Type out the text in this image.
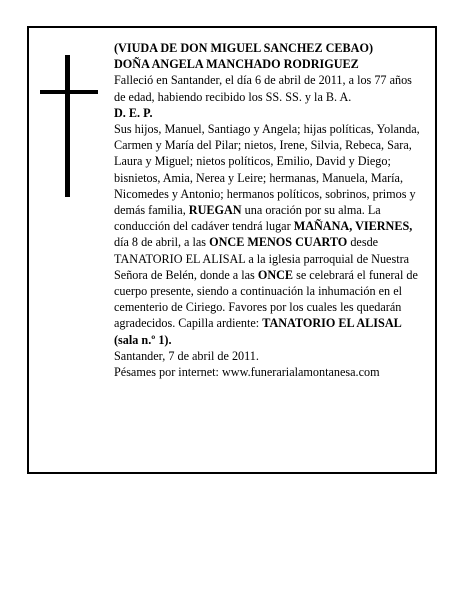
(VIUDA DE DON MIGUEL SANCHEZ CEBAO)

DOÑA ANGELA MANCHADO RODRIGUEZ

Falleció en Santander, el día 6 de abril de 2011, a los 77 años de edad, habiendo recibido los SS. SS. y la B. A.

D. E. P.

Sus hijos, Manuel, Santiago y Angela; hijas políticas, Yolanda, Carmen y María del Pilar; nietos, Irene, Silvia, Rebeca, Sara, Laura y Miguel; nietos políticos, Emilio, David y Diego; bisnietos, Amia, Nerea y Leire; hermanas, Manuela, María, Nicomedes y Antonio; hermanos políticos, sobrinos, primos y demás familia, RUEGAN una oración por su alma. La conducción del cadáver tendrá lugar MAÑANA, VIERNES, día 8 de abril, a las ONCE MENOS CUARTO desde TANATORIO EL ALISAL a la iglesia parroquial de Nuestra Señora de Belén, donde a las ONCE se celebrará el funeral de cuerpo presente, siendo a continuación la inhumación en el cementerio de Ciriego. Favores por los cuales les quedarán agradecidos. Capilla ardiente: TANATORIO EL ALISAL (sala n.º 1).

Santander, 7 de abril de 2011.

Pésames por internet: www.funerarialamontanesa.com
